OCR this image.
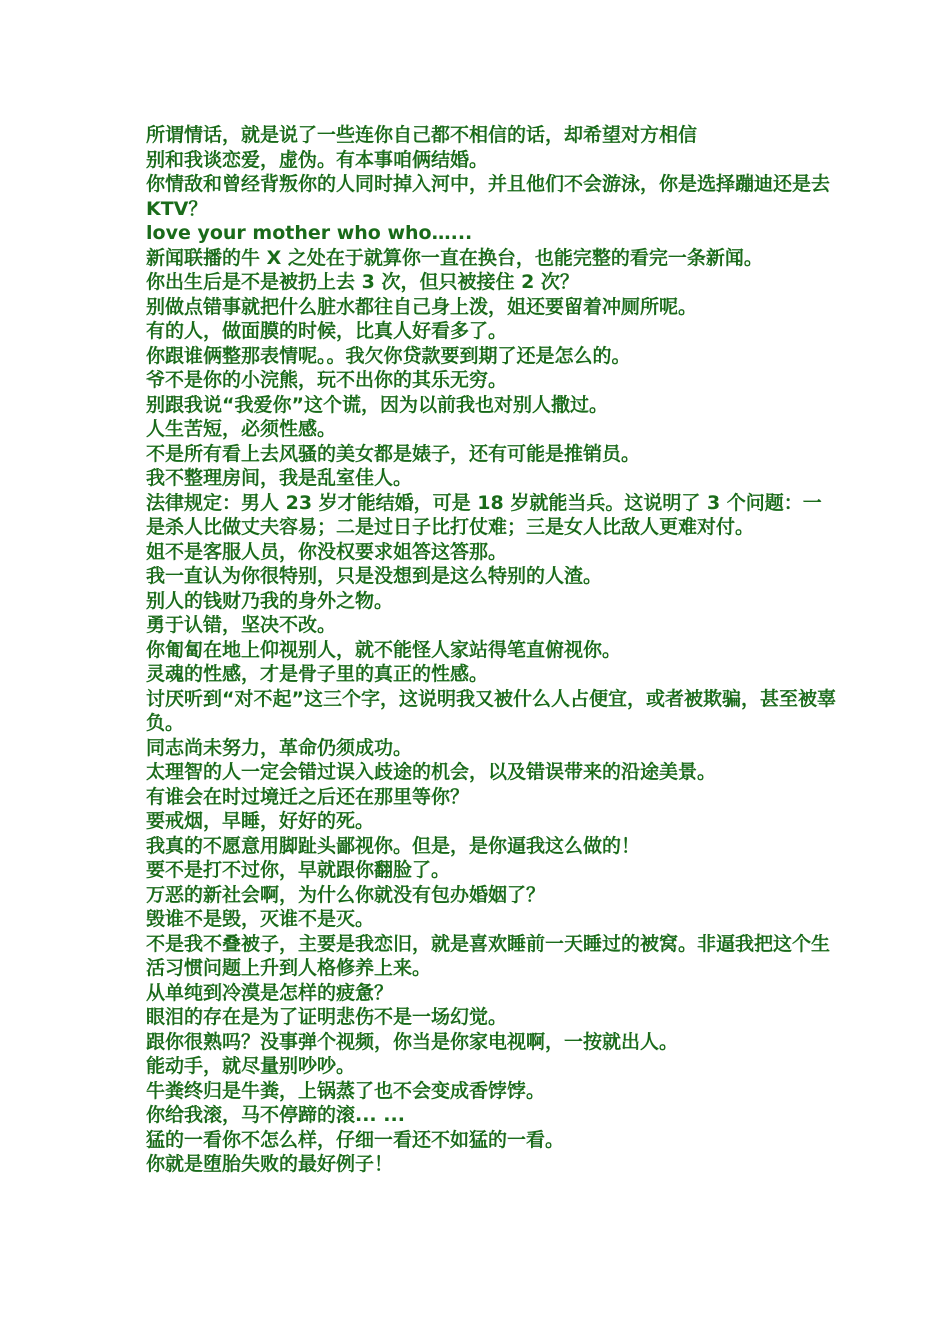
所谓情话，就是说了一些连你自己都不相信的话，却希望对方相信
别和我谈恋爱，虚伪。有本事咱俩结婚。
你情敌和曾经背叛你的人同时掉入河中，并且他们不会游泳，你是选择蹦迪还是去 KTV？
love your mother who who…...
新闻联播的牛 X 之处在于就算你一直在换台，也能完整的看完一条新闻。
你出生后是不是被扔上去 3 次，但只被接住 2 次？
别做点错事就把什么脏水都往自己身上泼，姐还要留着冲厕所呢。
有的人，做面膜的时候，比真人好看多了。
你跟谁俩整那表情呢。。我欠你贷款要到期了还是怎么的。
爷不是你的小浣熊，玩不出你的其乐无穷。
别跟我说“我爱你”这个谎，因为以前我也对别人撒过。
人生苦短，必须性感。
不是所有看上去风骚的美女都是婊子，还有可能是推销员。
我不整理房间，我是乱室佳人。
法律规定：男人 23 岁才能结婚，可是 18 岁就能当兵。这说明了 3 个问题：一是杀人比做丈夫容易；二是过日子比打仗难；三是女人比敌人更难对付。
姐不是客服人员，你没权要求姐答这答那。
我一直认为你很特别，只是没想到是这么特别的人渣。
别人的钱财乃我的身外之物。
勇于认错，坚决不改。
你匍匐在地上仰视别人，就不能怪人家站得笔直俯视你。
灵魂的性感，才是骨子里的真正的性感。
讨厌听到“对不起”这三个字，这说明我又被什么人占便宜，或者被欺骗，甚至被辜负。
同志尚未努力，革命仍须成功。
太理智的人一定会错过误入歧途的机会，以及错误带来的沿途美景。
有谁会在时过境迁之后还在那里等你？
要戒烟，早睡，好好的死。
我真的不愿意用脚趾头鄙视你。但是，是你逼我这么做的！
要不是打不过你，早就跟你翻脸了。
万恶的新社会啊，为什么你就没有包办婚姻了？
毁谁不是毁，灭谁不是灭。
不是我不叠被子，主要是我恋旧，就是喜欢睡前一天睡过的被窝。非逼我把这个生活习惯问题上升到人格修养上来。
从单纯到冷漠是怎样的疲惫？
眼泪的存在是为了证明悲伤不是一场幻觉。
跟你很熟吗？没事弹个视频，你当是你家电视啊，一按就出人。
能动手，就尽量别吵吵。
牛粪终归是牛粪，上锅蒸了也不会变成香饽饽。
你给我滚，马不停蹄的滚... ...
猛的一看你不怎么样，仔细一看还不如猛的一看。
你就是堕胎失败的最好例子！
